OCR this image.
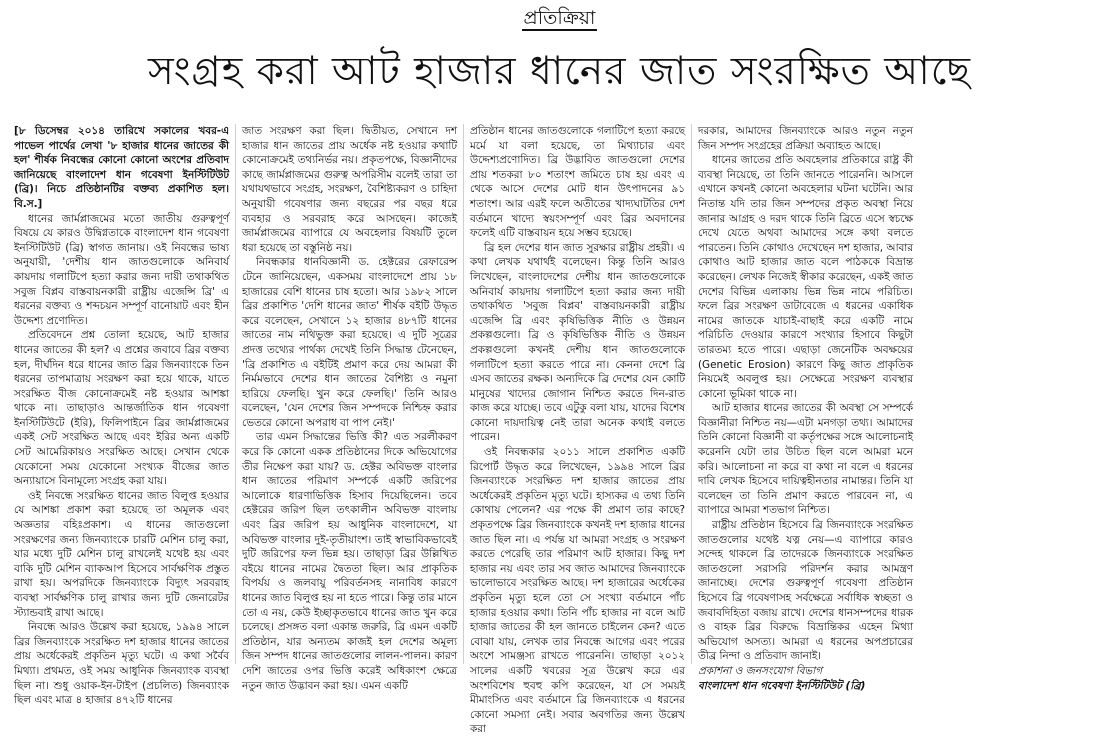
প্রতিক্রিয়া
সংগ্রহ করা আট হাজার ধানের জাত সংরক্ষিত আছে

[৮ ডিসেম্বর ২০১৪ তারিখে সকালের খবর-এ পাভেল পার্থের লেখা '৮ হাজার ধানের জাতের কী হল' শীর্ষক নিবন্ধের কোনো কোনো অংশের প্রতিবাদ জানিয়েছে বাংলাদেশ ধান গবেষণা ইনস্টিটিউট (ব্রি)। নিচে প্রতিষ্ঠানটির বক্তব্য প্রকাশিত হল। বি.স.]

ধানের জার্মপ্লাজমের মতো জাতীয় গুরুত্বপূর্ণ বিষয়ে যে কারও উদ্বিগ্নতাকে বাংলাদেশ ধান গবেষণা ইনস্টিটিউট (ব্রি) স্বাগত জানায়। ওই নিবন্ধের ভাষ্য অনুযায়ী, 'দেশীয় ধান জাতগুলোকে অনিবার্য কায়দায় গলাটিপে হত্যা করার জন্য দায়ী তথাকথিত সবুজ বিপ্লব বাস্তবায়নকারী রাষ্ট্রীয় এজেন্সি ব্রি' এ ধরনের বক্তব্য ও শব্দচয়ন সম্পূর্ণ বানোয়াট এবং হীন উদ্দেশ্য প্রণোদিত।

প্রতিবেদনে প্রশ্ন তোলা হয়েছে, আট হাজার ধানের জাতের কী হল? এ প্রশ্নের জবাবে ব্রির বক্তব্য হল, দীর্ঘদিন ধরে ধানের জাত ব্রির জিনব্যাংকে তিন ধরনের তাপমাত্রায় সংরক্ষণ করা হয়ে থাকে, যাতে সংরক্ষিত বীজ কোনোক্রমেই নষ্ট হওয়ার আশঙ্কা থাকে না। তাছাড়াও আন্তর্জাতিক ধান গবেষণা ইনস্টিটিউটে (ইরি), ফিলিপাইনে ব্রির জার্মপ্লাজমের একই সেট সংরক্ষিত আছে এবং ইরির অন্য একটি সেট আমেরিকায়ও সংরক্ষিত আছে। সেখান থেকে যেকোনো সময় যেকোনো সংখ্যক বীজের জাত অন্যায়াসে বিনামূল্যে সংগ্রহ করা যায়।

ওই নিবন্ধে সংরক্ষিত ধানের জাত বিলুপ্ত হওয়ার যে আশঙ্কা প্রকাশ করা হয়েছে তা অমূলক এবং অজ্ঞতার বহিঃপ্রকাশ। এ ধানের জাতগুলো সংরক্ষণের জন্য জিনব্যাংকে চারটি মেশিন চালু করা, যার মধ্যে দুটি মেশিন চালু রাখলেই যথেষ্ট হয় এবং বাকি দুটি মেশিন ব্যাকআপ হিসেবে সার্বক্ষণিক প্রস্তুত রাখা হয়। অপরদিকে জিনব্যাংকে বিদ্যুৎ সরবরাহ ব্যবস্থা সার্বক্ষণিক চালু রাখার জন্য দুটি জেনারেটর স্ট্যান্ডবাই রাখা আছে।

নিবন্ধে আরও উল্লেখ করা হয়েছে, ১৯৯৪ সালে ব্রির জিনব্যাংকে সংরক্ষিত দশ হাজার ধানের জাতের প্রায় অর্ধেকেরই প্রকৃতিন মৃত্যু ঘটে। এ কথা সর্বৈব মিথ্যা। প্রথমত, ওই সময় আধুনিক জিনব্যাংক ব্যবস্থা ছিল না। শুধু ওয়াক-ইন-টাইপ (প্রচলিত) জিনব্যাংক ছিল এবং মাত্র ৪ হাজার ৪৭২টি ধানের

জাত সংরক্ষণ করা ছিল। দ্বিতীয়ত, সেখানে দশ হাজার ধান জাতের প্রায় অর্ধেক নষ্ট হওয়ার কথাটি কোনোক্রমেই তথ্যনির্ভর নয়। প্রকৃতপক্ষে, বিজ্ঞানীদের কাছে জার্মপ্লাজমের গুরুত্ব অপরিসীম বলেই তারা তা যথাযথভাবে সংগ্রহ, সংরক্ষণ, বৈশিষ্ট্যকরণ ও চাহিদা অনুযায়ী গবেষণার জন্য বছরের পর বছর ধরে ব্যবহার ও সরবরাহ করে আসছেন। কাজেই জার্মপ্লাজমের ব্যাপারে যে অবহেলার বিষয়টি তুলে ধরা হয়েছে তা বস্তুনিষ্ঠ নয়।

নিবন্ধকার ধানবিজ্ঞানী ড. হেক্টরের রেফারেন্স টেনে জানিয়েছেন, একসময় বাংলাদেশে প্রায় ১৮ হাজারের বেশি ধানের চাষ হতো। আর ১৯৮২ সালে ব্রির প্রকাশিত 'দেশি ধানের জাত' শীর্ষক বইটি উদ্ধৃত করে বলেছেন, সেখানে ১২ হাজার ৪৮৭টি ধানের জাতের নাম নথিভুক্ত করা হয়েছে। এ দুটি সূত্রের প্রদত্ত তথ্যের পার্থক্য দেখেই তিনি সিদ্ধান্ত টেনেছেন, 'ব্রি প্রকাশিত এ বইটিই প্রমাণ করে দেয় আমরা কী নির্মমভাবে দেশের ধান জাতের বৈশিষ্ট্য ও নমুনা হারিয়ে ফেলছি। খুন করে ফেলছি।' তিনি আরও বলেছেন, 'যেন দেশের জিন সম্পদকে নিশ্চিহ্ন করার ভেতরে কোনো অপরাধ বা পাপ নেই।'

তার এমন সিদ্ধান্তের ভিত্তি কী? এত সরলীকরণ করে কি কোনো একক প্রতিষ্ঠানের দিকে অভিযোগের তীর নিক্ষেপ করা যায়? ড. হেক্টর অবিভক্ত বাংলার ধান জাতের পরিমাণ সম্পর্কে একটি জরিপের আলোকে ধারণাভিত্তিক হিসাব দিয়েছিলেন। তবে হেক্টরের জরিপ ছিল তৎকালীন অবিভক্ত বাংলায় এবং ব্রির জরিপ হয় আধুনিক বাংলাদেশে, যা অবিভক্ত বাংলার দুই-তৃতীয়াংশ। তাই স্বাভাবিকভাবেই দুটি জরিপের ফল ভিন্ন হয়। তাছাড়া ব্রির উল্লিখিত বইয়ে ধানের নামের দ্বৈততা ছিল। আর প্রাকৃতিক বিপর্যয় ও জলবায়ু পরিবর্তনসহ নানাবিধ কারণে ধানের জাত বিলুপ্ত হয় না হতে পারে। কিন্তু তার মানে তো এ নয়, কেউ ইচ্ছাকৃতভাবে ধানের জাত খুন করে চলেছে। প্রসঙ্গত বলা একান্ত জরুরি, ব্রি এমন একটি প্রতিষ্ঠান, যার অন্যতম কাজই হল দেশের অমূল্য জিন সম্পদ ধানের জাতগুলোর লালন-পালন। কারণ দেশি জাতের ওপর ভিত্তি করেই অধিকাংশ ক্ষেত্রে নতুন জাত উদ্ভাবন করা হয়। এমন একটি

প্রতিষ্ঠান ধানের জাতগুলোকে গলাটিপে হত্যা করছে মর্মে যা বলা হয়েছে, তা মিথ্যাচার এবং উদ্দেশ্যপ্রণোদিত। ব্রি উদ্ভাবিত জাতগুলো দেশের প্রায় শতকরা ৮০ শতাংশ জমিতে চাষ হয় এবং এ থেকে আসে দেশের মোট ধান উৎপাদনের ৯১ শতাংশ। আর এরই ফলে অতীতের খাদ্যঘাটতির দেশ বর্তমানে খাদ্যে স্বয়ংসম্পূর্ণ এবং ব্রির অবদানের ফলেই এটি বাস্তবায়ন হয়ে সম্ভব হয়েছে।

ব্রি হল দেশের ধান জাত সুরক্ষার রাষ্ট্রীয় প্রহরী। এ কথা লেখক যথার্থই বলেছেন। কিন্তু তিনি আরও লিখেছেন, বাংলাদেশের দেশীয় ধান জাতগুলোকে অনিবার্য কায়দায় গলাটিপে হত্যা করার জন্য দায়ী তথাকথিত 'সবুজ বিপ্লব' বাস্তবায়নকারী রাষ্ট্রীয় এজেন্সি ব্রি এবং কৃষিভিত্তিক নীতি ও উন্নয়ন প্রকল্পগুলো। ব্রি ও কৃষিভিত্তিক নীতি ও উন্নয়ন প্রকল্পগুলো কখনই দেশীয় ধান জাতগুলোকে গলাটিপে হত্যা করতে পারে না। কেননা দেশে ব্রি এসব জাতের রক্ষক। অন্যদিকে ব্রি দেশের যেন কোটি মানুষের খাদ্যের জোগান নিশ্চিত করতে দিন-রাত কাজ করে যাচ্ছে। তবে এটুকু বলা যায়, যাদের বিশেষ কোনো দায়দায়িত্ব নেই তারা অনেক কথাই বলতে পারেন।

ওই নিবন্ধকার ২০১১ সালে প্রকাশিত একটি রিপোর্ট উদ্ধৃত করে লিখেছেন, ১৯৯৪ সালে ব্রির জিনব্যাংকে সংরক্ষিত দশ হাজার জাতের প্রায় অর্ধেকেরই প্রকৃতিন মৃত্যু ঘটে। হাস্যকর এ তথ্য তিনি কোথায় পেলেন? এর পক্ষে কী প্রমাণ তার কাছে? প্রকৃতপক্ষে ব্রির জিনব্যাংকে কখনই দশ হাজার ধানের জাত ছিল না। এ পর্যন্ত যা আমরা সংগ্রহ ও সংরক্ষণ করতে পেরেছি তার পরিমাণ আট হাজার। কিছু দশ হাজার নয় এবং তার সব জাত আমাদের জিনব্যাংকে ভালোভাবে সংরক্ষিত আছে। দশ হাজারের অর্ধেকের প্রকৃতিন মৃত্যু হলে তো সে সংখ্যা বর্তমানে পাঁচ হাজার হওয়ার কথা। তিনি পাঁচ হাজার না বলে আট হাজার জাতের কী হল জানতে চাইলেন কেন? এতে বোঝা যায়, লেখক তার নিবন্ধে আগের এবং পরের অংশে সামঞ্জস্য রাখতে পারেননি। তাছাড়া ২০১২ সালের একটি খবরের সূত্র উল্লেখ করে এর অংশবিশেষ হুবহু কপি করেছেন, যা সে সময়ই মীমাংসিত এবং বর্তমানে ব্রি জিনব্যাংকে এ ধরনের কোনো সমস্যা নেই। সবার অবগতির জন্য উল্লেখ করা

দরকার, আমাদের জিনব্যাংকে আরও নতুন নতুন জিন সম্পদ সংগ্রহের প্রক্রিয়া অব্যাহত আছে।

ধানের জাতের প্রতি অবহেলার প্রতিকারে রাষ্ট্র কী ব্যবস্থা নিয়েছে, তা তিনি জানতে পারেননি। আসলে এখানে কখনই কোনো অবহেলার ঘটনা ঘটেনি। আর নিতান্ত যদি তার জিন সম্পদের প্রকৃত অবস্থা নিয়ে জানার আগ্রহ ও দরদ থাকে তিনি ব্রিতে এসে স্বচক্ষে দেখে যেতে অথবা আমাদের সঙ্গে কথা বলতে পারতেন। তিনি কোথাও দেখেছেন দশ হাজার, আবার কোথাও আট হাজার জাত বলে পাঠককে বিভ্রান্ত করেছেন। লেখক নিজেই স্বীকার করেছেন, একই জাত দেশের বিভিন্ন এলাকায় ভিন্ন ভিন্ন নামে পরিচিত। ফলে ব্রির সংরক্ষণ ডাটাবেজে এ ধরনের একাধিক নামের জাতকে যাচাই-বাছাই করে একটি নামে পরিচিতি দেওয়ার কারণে সংখ্যার হিসাবে কিছুটা তারতম্য হতে পারে। এছাড়া জেনেটিক অবক্ষয়ের (Genetic Erosion) কারণে কিছু জাত প্রাকৃতিক নিয়মেই অবলুপ্ত হয়। সেক্ষেত্রে সংরক্ষণ ব্যবস্থার কোনো ভূমিকা থাকে না।

আট হাজার ধানের জাতের কী অবস্থা সে সম্পর্কে বিজ্ঞানীরা নিশ্চিত নয়—এটা মনগড়া তথ্য। আমাদের তিনি কোনো বিজ্ঞানী বা কর্তৃপক্ষের সঙ্গে আলোচনাই করেননি যেটা তার উচিত ছিল বলে আমরা মনে করি। আলোচনা না করে বা কথা না বলে এ ধরনের দাবি লেখক হিসেবে দায়িত্বহীনতার নামান্তর। তিনি যা বলেছেন তা তিনি প্রমাণ করতে পারবেন না, এ ব্যাপারে আমরা শতভাগ নিশ্চিত।

রাষ্ট্রীয় প্রতিষ্ঠান হিসেবে ব্রি জিনব্যাংকে সংরক্ষিত জাতগুলোর যথেষ্ট যত্ন নেয়—এ ব্যাপারে কারও সন্দেহ থাকলে ব্রি তাদেরকে জিনব্যাংকে সংরক্ষিত জাতগুলো সরাসরি পরিদর্শন করার আমন্ত্রণ জানাচ্ছে। দেশের গুরুত্বপূর্ণ গবেষণা প্রতিষ্ঠান হিসেবে ব্রি গবেষণাসহ সর্বক্ষেত্রে সর্বাধিক স্বচ্ছতা ও জবাবদিহিতা বজায় রাখে। দেশের ধানসম্পদের ধারক ও বাহক ব্রির বিরুদ্ধে বিভ্রান্তিকর এহেন মিথ্যা অভিযোগ অসত্য। আমরা এ ধরনের অপপ্রচারের তীব্র নিন্দা ও প্রতিবাদ জানাই।

প্রকাশনা ও জনসংযোগ বিভাগ

বাংলাদেশ ধান গবেষণা ইনস্টিটিউট (ব্রি)
